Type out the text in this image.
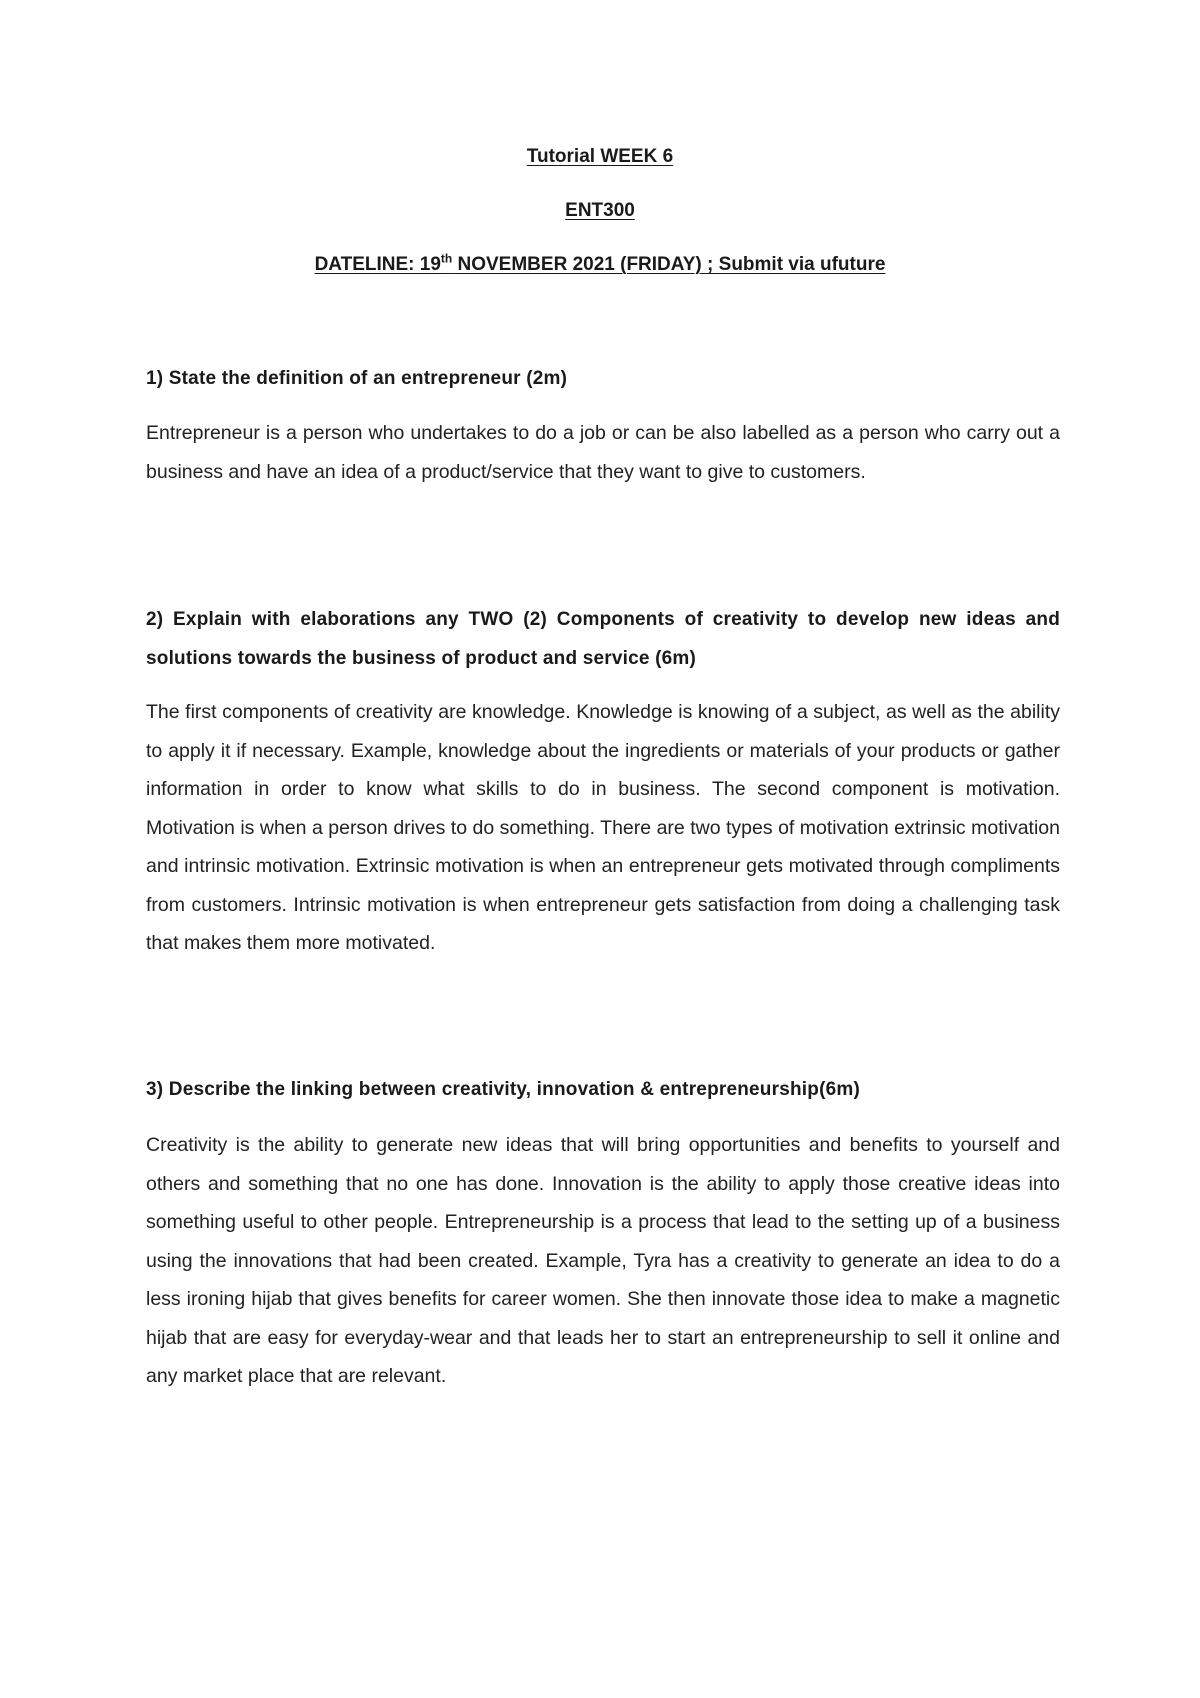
Tutorial WEEK 6
ENT300
DATELINE: 19th NOVEMBER 2021 (FRIDAY) ; Submit via ufuture

1) State the definition of an entrepreneur (2m)

Entrepreneur is a person who undertakes to do a job or can be also labelled as a person who carry out a business and have an idea of a product/service that they want to give to customers.

2) Explain with elaborations any TWO (2) Components of creativity to develop new ideas and solutions towards the business of product and service (6m)

The first components of creativity are knowledge. Knowledge is knowing of a subject, as well as the ability to apply it if necessary. Example, knowledge about the ingredients or materials of your products or gather information in order to know what skills to do in business. The second component is motivation. Motivation is when a person drives to do something. There are two types of motivation extrinsic motivation and intrinsic motivation. Extrinsic motivation is when an entrepreneur gets motivated through compliments from customers. Intrinsic motivation is when entrepreneur gets satisfaction from doing a challenging task that makes them more motivated.

3) Describe the linking between creativity, innovation & entrepreneurship(6m)

Creativity is the ability to generate new ideas that will bring opportunities and benefits to yourself and others and something that no one has done. Innovation is the ability to apply those creative ideas into something useful to other people. Entrepreneurship is a process that lead to the setting up of a business using the innovations that had been created. Example, Tyra has a creativity to generate an idea to do a less ironing hijab that gives benefits for career women. She then innovate those idea to make a magnetic hijab that are easy for everyday-wear and that leads her to start an entrepreneurship to sell it online and any market place that are relevant.
